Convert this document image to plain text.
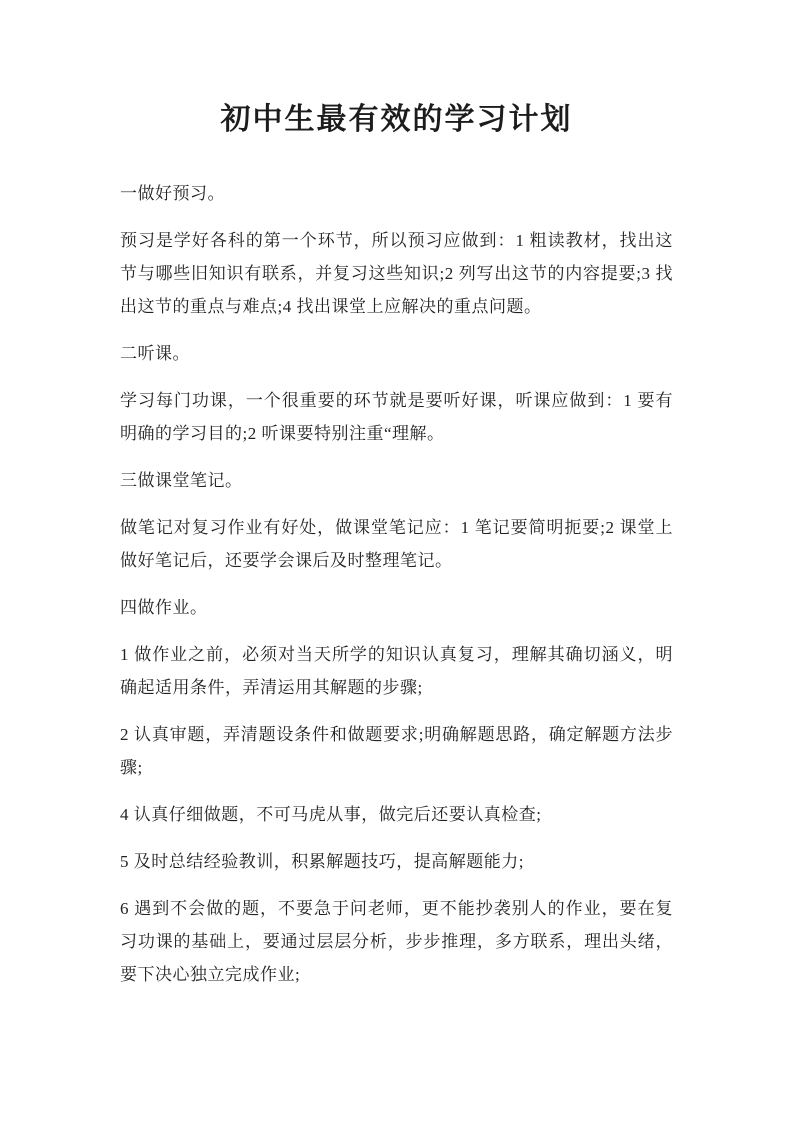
初中生最有效的学习计划

一做好预习。

预习是学好各科的第一个环节，所以预习应做到：1 粗读教材，找出这节与哪些旧知识有联系，并复习这些知识;2 列写出这节的内容提要;3 找出这节的重点与难点;4 找出课堂上应解决的重点问题。

二听课。

学习每门功课，一个很重要的环节就是要听好课，听课应做到：1 要有明确的学习目的;2 听课要特别注重“理解。

三做课堂笔记。

做笔记对复习作业有好处，做课堂笔记应：1 笔记要简明扼要;2 课堂上做好笔记后，还要学会课后及时整理笔记。

四做作业。

1 做作业之前，必须对当天所学的知识认真复习，理解其确切涵义，明确起适用条件，弄清运用其解题的步骤;

2 认真审题，弄清题设条件和做题要求;明确解题思路，确定解题方法步骤;

4 认真仔细做题，不可马虎从事，做完后还要认真检查;

5 及时总结经验教训，积累解题技巧，提高解题能力;

6 遇到不会做的题，不要急于问老师，更不能抄袭别人的作业，要在复习功课的基础上，要通过层层分析，步步推理，多方联系，理出头绪，要下决心独立完成作业;
